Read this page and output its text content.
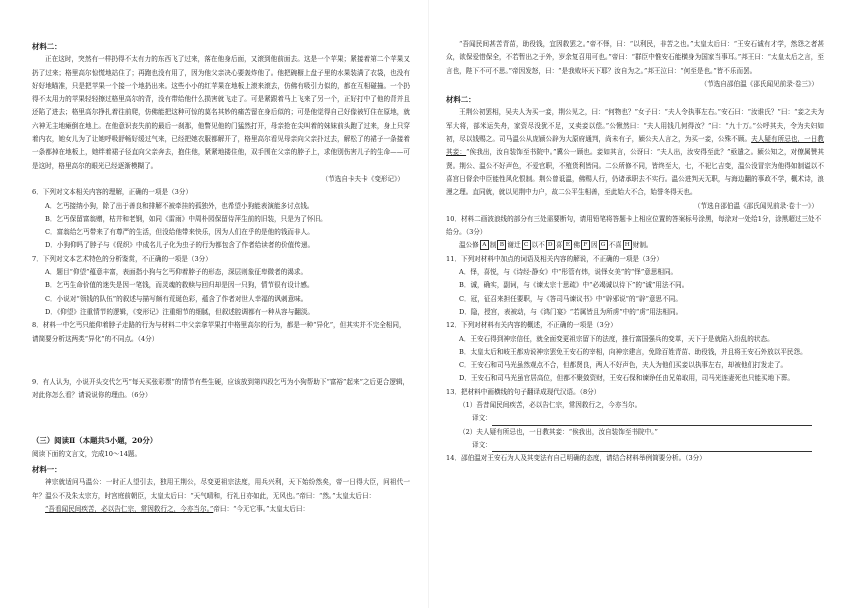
材料二：

正在这时，突然有一样扔得不太有力的东西飞了过来，落在他身后面，又滚到他前面去。这是一个苹果；紧接着第二个苹果又扔了过来；格里高尔惊慌地站住了；再跑也没有用了，因为他父亲决心要轰炸他了。他把碗橱上盘子里的水果装满了衣袋，也没有好好地瞄准，只是把苹果一个接一个地扔出来。这些小小的红苹果在地板上滚来滚去，仿佛有吸引力似的，都在互相碰撞。一个扔得不太用力的苹果轻轻擦过格里高尔的背，没有带给他什么损害就飞走了。可是紧跟着马上飞来了另一个，正好打中了他的背并且还陷了进去；格里高尔挣扎着往前爬，仿佛能把这种可惊的莫名其妙的痛苦留在身后似的；可是他觉得自己好像被钉住在原地，就六神无主地瘫倒在地上。在他意识丧失前的最后一刹那，他瞥见他的门猛然打开，母亲抢在尖叫着的妹妹前头跑了过来，身上只穿着内衣，她女儿为了让她呼吸舒畅好缓过气来，已经把她衣服都解开了，格里高尔看见母亲向父亲扑过去，解松了的裙子一条接着一条都掉在地板上，她绊着裙子径直向父亲奔去，抱住他，紧紧地搂住他，双手围在父亲的脖子上，求他别伤害儿子的生命——可是这时，格里高尔的眼光已经逐渐模糊了。

（节选自卡夫卡《变形记》）

6．下列对文本相关内容的理解，正确的一项是（3分）

A．乞丐接纳小狗，除了出于善良和排解不被牵挂的孤独外，也希望小狗能表演能多讨点钱。

B．乞丐保留富翁赠，枯井和老钢，如同《雷雨》中周朴园保留侍萍生前的旧装，只是为了怀旧。

C．富翁给乞丐带来了有尊严的生活，但没给他带来快乐，因为人们在乎的是他的钱而非人。

D．小狗仰吗了脖子与《促织》中成名儿子化为虫子的行为都包含了作者给读者的价值传递。

7．下列对文本艺术特色的分析鉴赏，不正确的一项是（3分）

A．题目“仰望”蕴意丰富，表面指小狗与乞丐仰着脖子的形态，深层则象征卑微者的渴求。

B．乞丐生命价值的迷失是因一笔钱，而灵魂的救赎与回归却是因一只狗，情节很有设计感。

C．小说对“领钱的队伍”的叙述与描写颇有荒诞色彩，蕴含了作者对世人幸福的讽刺意味。

D．《仰望》注重情节的逻辑，《变形记》注重细节的细腻，但叙述腔调都有一种从容与翻淡。

8．材料一中乞丐只能仰着脖子走路的行为与材料二中父亲拿苹果打中格里高尔的行为，都是一种“异化”，但其实并不完全相同，请简要分析这两类“异化”的不同点。（4分）

9．有人认为，小说开头交代乞丐“每天买张彩票”的情节有些生硬，应该放到第四段乞丐为小狗帮助下“富裕”起来”之后更合逻辑，对此你怎么看？请说说你的理由。（6分）

（三）阅读Ⅱ（本题共5小题，20分）

阅读下面的文言文，完成10～14题。

材料一：

神宗就适问马温公：一时正人望引去，独用王荆公，尽变更祖宗法度，用兵兴利，天下始纷然矣，帝一日得大臣，问祖代一年？温公不及朱太宗方，时宫庭前朝臣，太皇太后曰：“天气晴和，行礼日亦如此，无风也。”帝曰：“然。”太皇太后曰：

“吾看闻民间疾苦，必以告仁宗，常因救行之，今亦当尔。”帝曰：“今无它事。”太皇太后曰：

“吾闻民间甚苦青苗，助役钱，宜因救罢之。”帝不怿，曰：“以利民，非苦之也。”太皇太后曰：“王安石诚有才学，然怨之者甚众，欲保爱惜保全，不若暂出之于外，岁余复召用可也。”帝曰：“群臣中惟安石能横身为国家当事耳。”邦王曰：“太皇太后之言，至言也，陛下不可不思。”帝因发怒，曰：“是我败坏天下耶？汝自为之。”邦王泣曰：“何至是也。”皆不乐而罢。

（节选自邵伯温《邵氏闻见前录·卷三》）

材料二：

王荆公初罢相，吴夫人为买一妾，荆公见之，曰：“何物也？”女子曰：“夫人令执事左右。”安石曰：“汝谁氏？”曰：“妾之夫为军大将，部米运失舟，家资尽没犹不足，又卖妾以偿。”公愀然曰：“夫人用钱几何得汝？”曰：“九十万。”公呼其夫，令为夫妇如初，尽以钱赐之。司马温公从庞颍公辟为大原府通判，尚未有子，颍公夫人言之，为买一妾，公殊不顾。夫人疑有所忌也，一日教其妾：“俟我出，汝自装饰至书院中。”冀公一顾也。妾如其言，公讶曰：“夫人出，汝安得至此？”亟遣之。颍公知之，对僚属赞其贤。荆公、温公不好声色，不爱官职，不殖货利皆同。二公所修不同，皆终至大，七，不祀匕吉变，温公没冒宗为他得如制谥以不喜宫日督余中臣能性风化恨制。荆公曾诋温，佛赐人行，仍诸承职去不实行。温公进判天无职，与海边翻的事政不学，概术诗，浪漫之理。直同就，就以见荆中力户，故二公平生相善，至此始大不合，始誉冬得天也。

（节选自邵伯温《邵氏闻见前录·卷十一》）

10．材料二画波浪线的部分有三处需要断句，请用铅笔将答题卡上相应位置的答案标号涂黑，每涂对一处给1分，涂黑超过三处不给分。（3分）

温公修 A 制 B 谢迁 C 以不 D 喜 E 佛 F 因 G 不喜 H 财制。

11．下列对材料中加点的词语及相关内容的解说，不正确的一项是（3分）

A．怿，喜悦，与《诗经·静女》中“彤管有炜，说怿女美”的“怿”意思相同。

B．诚，确实，副词，与《谏太宗十思疏》中“必竭诚以待下”的“诚”用法不同。

C．冠，征召来担任要职，与《答司马谏议书》中“辟邪说”的“辟”意思不同。

D．隐，授宫，表被动，与《鸿门宴》“若属皆且为所虏”中的“虏”用法相同。

12．下列对材料有关内容的概述，不正确的一项是（3分）

A．王安石得到神宗信任，就全面变更祖宗留下的法度，推行富国强兵的变革，天下于是就陷入纷乱的状态。

B．太皇太后和岐王都劝说神宗罢免王安石的宰相，向神宗建言，免除百姓青苗、助役钱，并且将王安石外放以平民怨。

C．王安石和司马光虽然观点不合，但都贤良，两人不好声色，夫人为他们买妾以执事左右，却被他们打发走了。

D．王安石和司马光虽官居高位，但都不聚敛资财，王安石保和谏诤任由兄弟取用，司马光连妻死也只能买地下葬。

13．把材料中画横线的句子翻译成现代汉语。（8分）

（1）吾昔闻民间疾苦，必以告仁宗，常因救行之，今亦当尔。

译文：

（2）夫人疑有所忌也，一日教其妾：“俟我出，汝自装饰至书院中。”

译文：

14．邵伯温对王安石为人及其变法有自己明确的态度，请结合材料举例简要分析。（3分）
